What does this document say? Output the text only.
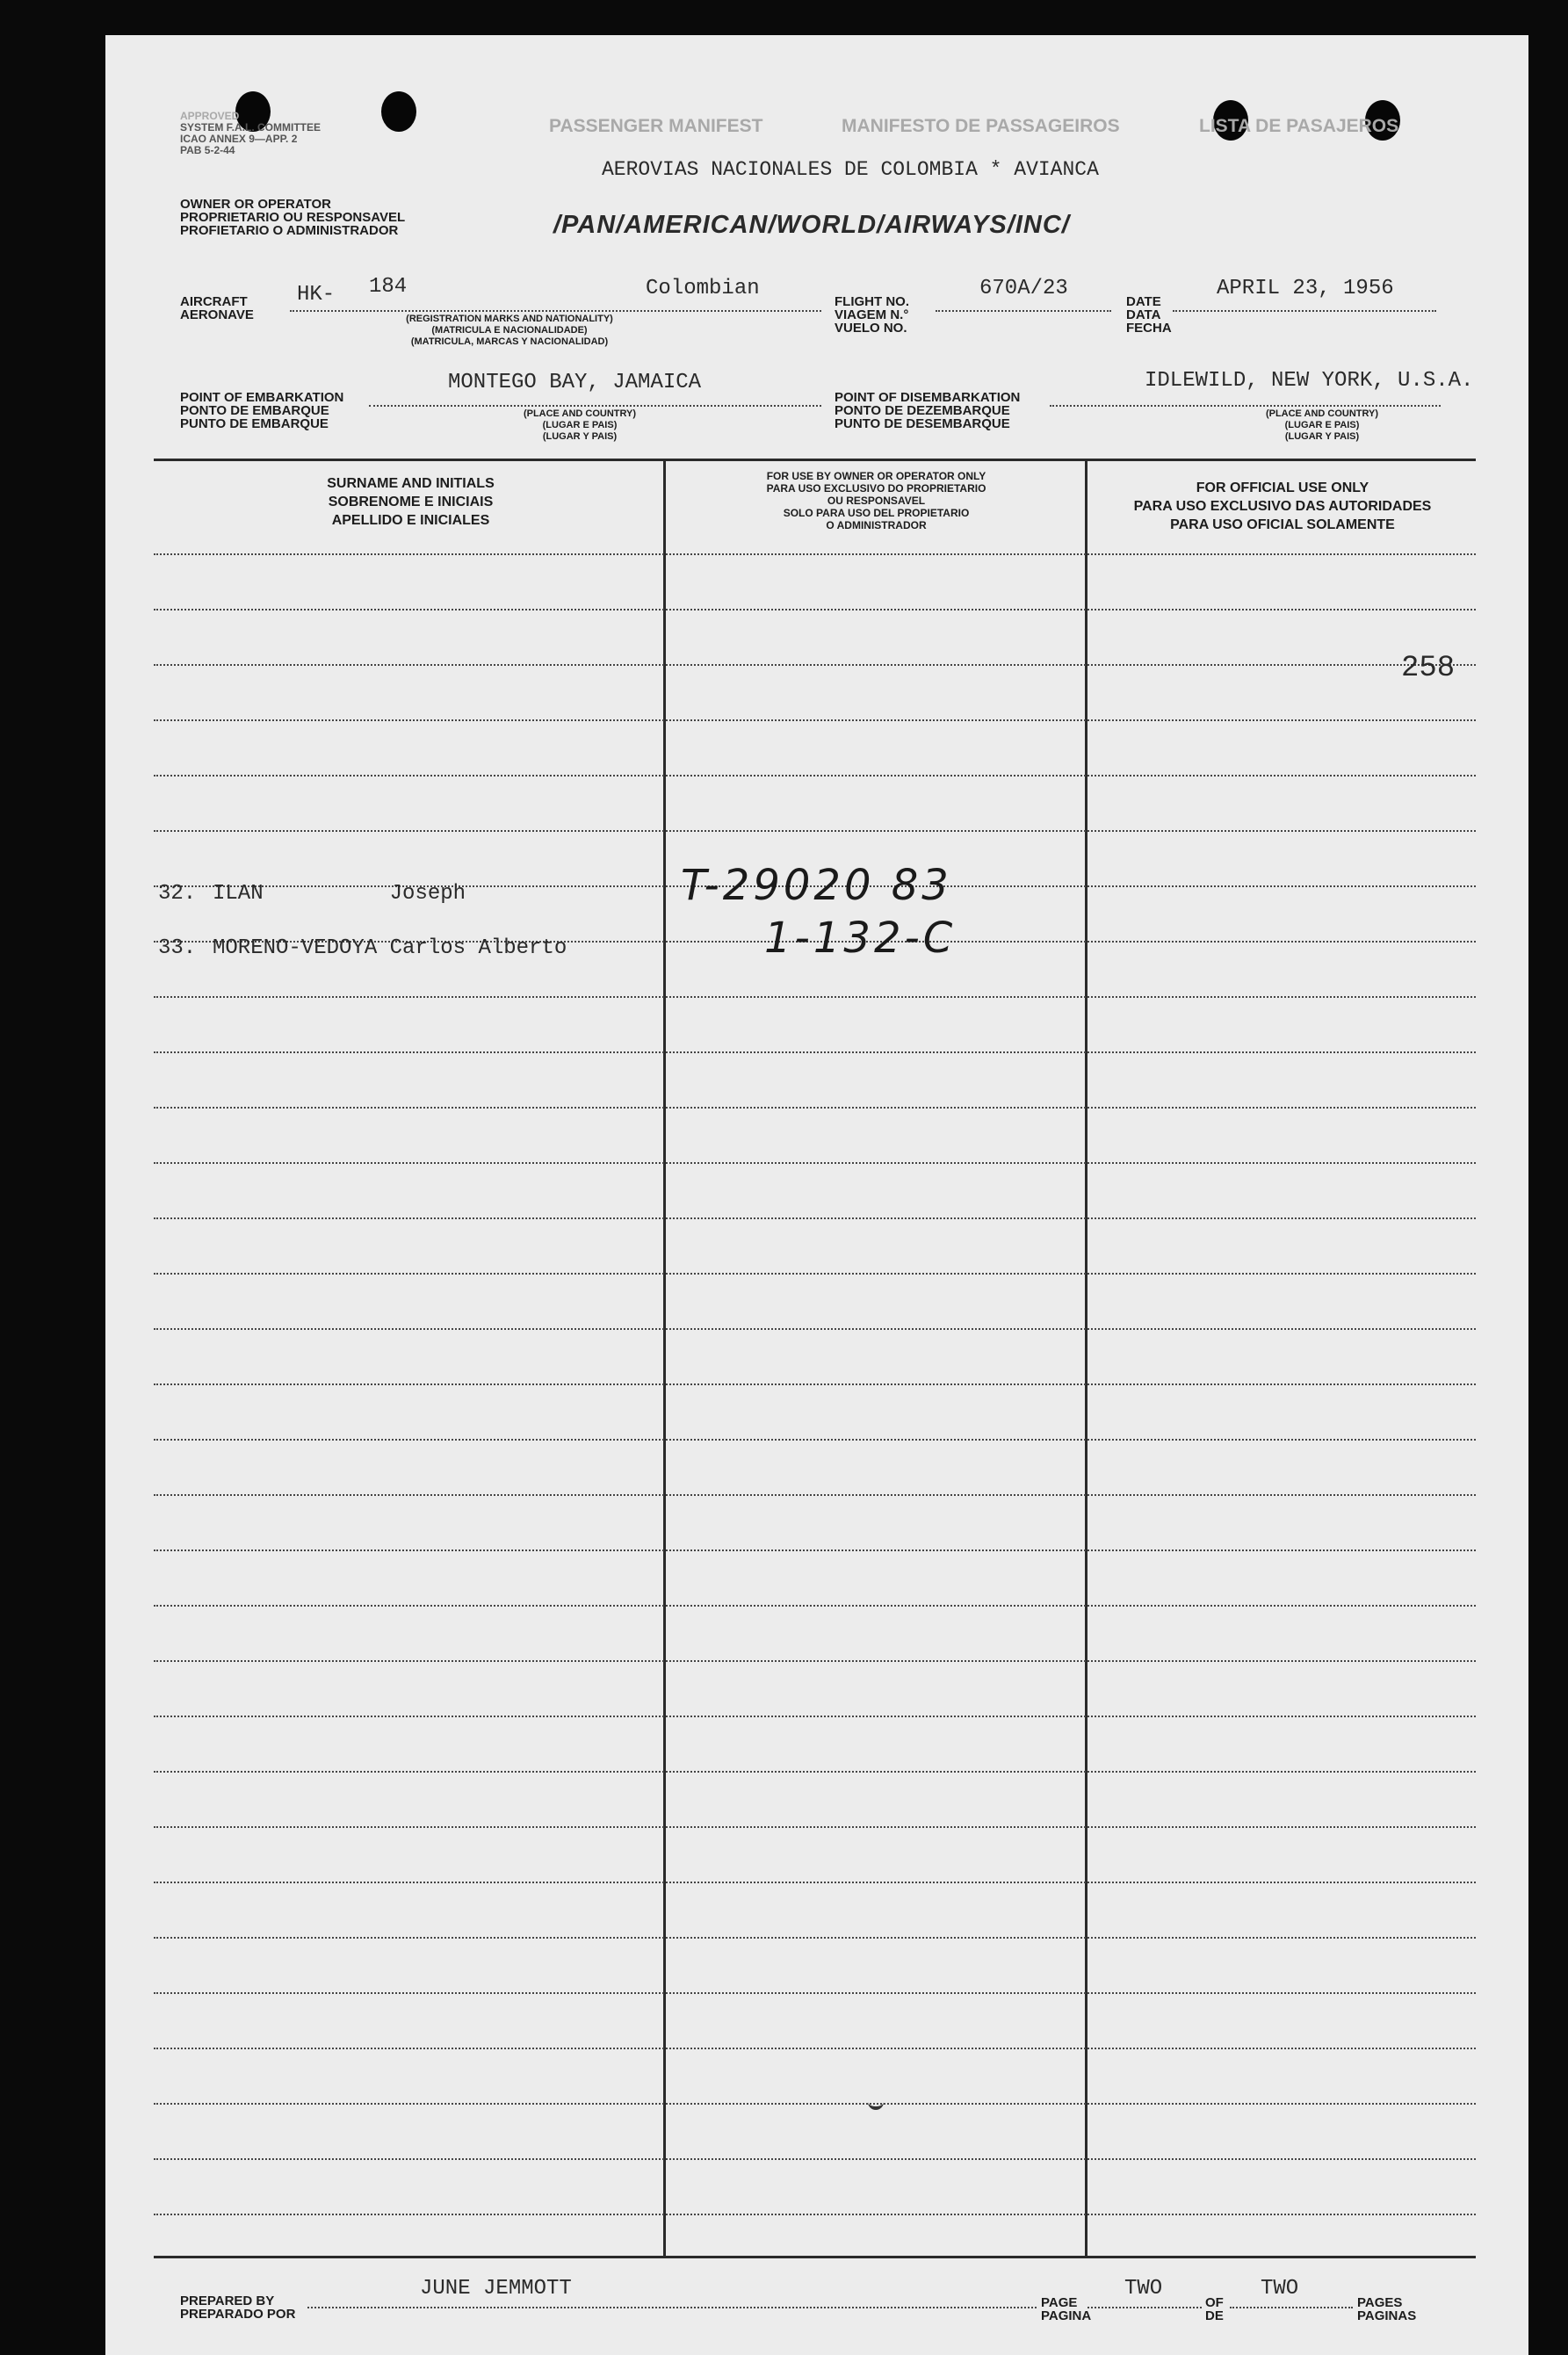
APPROVED
SYSTEM F.A.L. COMMITTEE
ICAO ANNEX 9—APP. 2
PAB 5-2-44
PASSENGER MANIFEST	MANIFESTO DE PASSAGEIROS	LISTA DE PASAJEROS
OWNER OR OPERATOR
PROPRIETARIO OU RESPONSAVEL
PROFIETARIO O ADMINISTRADOR
AEROVIAS NACIONALES DE COLOMBIA * AVIANCA
/PAN/AMERICAN/WORLD/AIRWAYS/INC/
AIRCRAFT
AERONAVE
HK- 184	Colombian
(REGISTRATION MARKS AND NATIONALITY)
(MATRICULA E NACIONALIDADE)
(MATRICULA, MARCAS Y NACIONALIDAD)
FLIGHT NO.
VIAGEM N.°
VUELO NO.
670A/23
DATE
DATA
FECHA
APRIL 23, 1956
POINT OF EMBARKATION
PONTO DE EMBARQUE
PUNTO DE EMBARQUE
MONTEGO BAY, JAMAICA
(PLACE AND COUNTRY)
(LUGAR E PAIS)
(LUGAR Y PAIS)
POINT OF DISEMBARKATION
PONTO DE DEZEMBARQUE
PUNTO DE DESEMBARQUE
IDLEWILD, NEW YORK, U.S.A.
(PLACE AND COUNTRY)
(LUGAR E PAIS)
(LUGAR Y PAIS)
SURNAME AND INITIALS
SOBRENOME E INICIAIS
APELLIDO E INICIALES
FOR USE BY OWNER OR OPERATOR ONLY
PARA USO EXCLUSIVO DO PROPRIETARIO
OU RESPONSAVEL
SOLO PARA USO DEL PROPIETARIO
O ADMINISTRADOR
FOR OFFICIAL USE ONLY
PARA USO EXCLUSIVO DAS AUTORIDADES
PARA USO OFICIAL SOLAMENTE
258
32. ILAN          Joseph	T-29020 83
33. MORENO-VEDOYA Carlos Alberto	1-132-C
PREPARED BY
PREPARADO POR
JUNE JEMMOTT
PAGE
PAGINA
TWO
OF
DE
TWO
PAGES
PAGINAS
